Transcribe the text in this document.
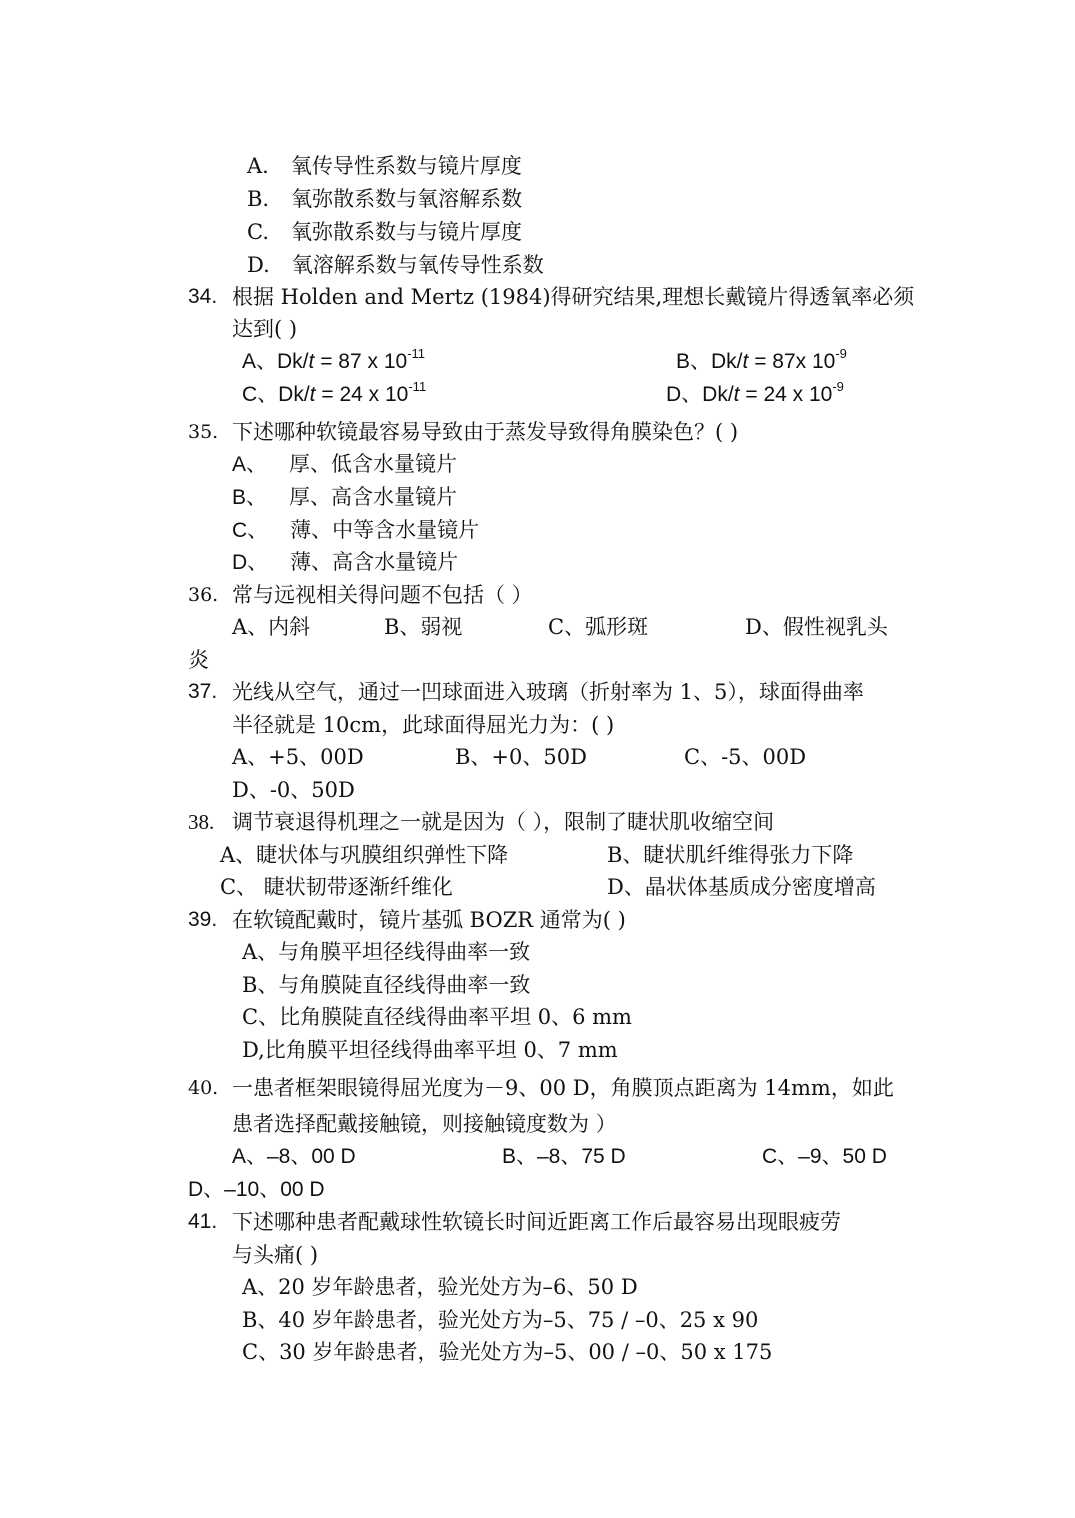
A. 氧传导性系数与镜片厚度
B. 氧弥散系数与氧溶解系数
C. 氧弥散系数与与镜片厚度
D. 氧溶解系数与氧传导性系数
34. 根据 Holden and Mertz (1984)得研究结果,理想长戴镜片得透氧率必须
达到( )
A、Dk/t = 87 x $10^{-11}$	B、Dk/t = 87x $10^{-9}$
C、Dk/t = 24 x $10^{-11}$	D、Dk/t = 24 x $10^{-9}$
35. 下述哪种软镜最容易导致由于蒸发导致得角膜染色？( )
A、 厚、低含水量镜片
B、 厚、高含水量镜片
C、 薄、中等含水量镜片
D、 薄、高含水量镜片
36. 常与远视相关得问题不包括（ ）
A、内斜	B、弱视	C、弧形斑	D、假性视乳头
炎
37. 光线从空气，通过一凹球面进入玻璃（折射率为 1、5），球面得曲率
半径就是 10cm，此球面得屈光力为：( )
A、+5、00D	B、+0、50D	C、-5、00D
D、-0、50D
38. 调节衰退得机理之一就是因为（ ），限制了睫状肌收缩空间
A、睫状体与巩膜组织弹性下降	B、睫状肌纤维得张力下降
C、 睫状韧带逐渐纤维化	D、晶状体基质成分密度增高
39. 在软镜配戴时，镜片基弧 BOZR 通常为( )
A、与角膜平坦径线得曲率一致
B、与角膜陡直径线得曲率一致
C、比角膜陡直径线得曲率平坦 0、6 mm
D,比角膜平坦径线得曲率平坦 0、7 mm
40. 一患者框架眼镜得屈光度为－9、00 D，角膜顶点距离为 14mm，如此
患者选择配戴接触镜，则接触镜度数为 ）
A、–8、00 D	B、–8、75 D	C、–9、50 D
D、–10、00 D
41. 下述哪种患者配戴球性软镜长时间近距离工作后最容易出现眼疲劳
与头痛( )
A、20 岁年龄患者，验光处方为–6、50 D
B、40 岁年龄患者，验光处方为–5、75 / –0、25 x 90
C、30 岁年龄患者，验光处方为–5、00 / –0、50 x 175
